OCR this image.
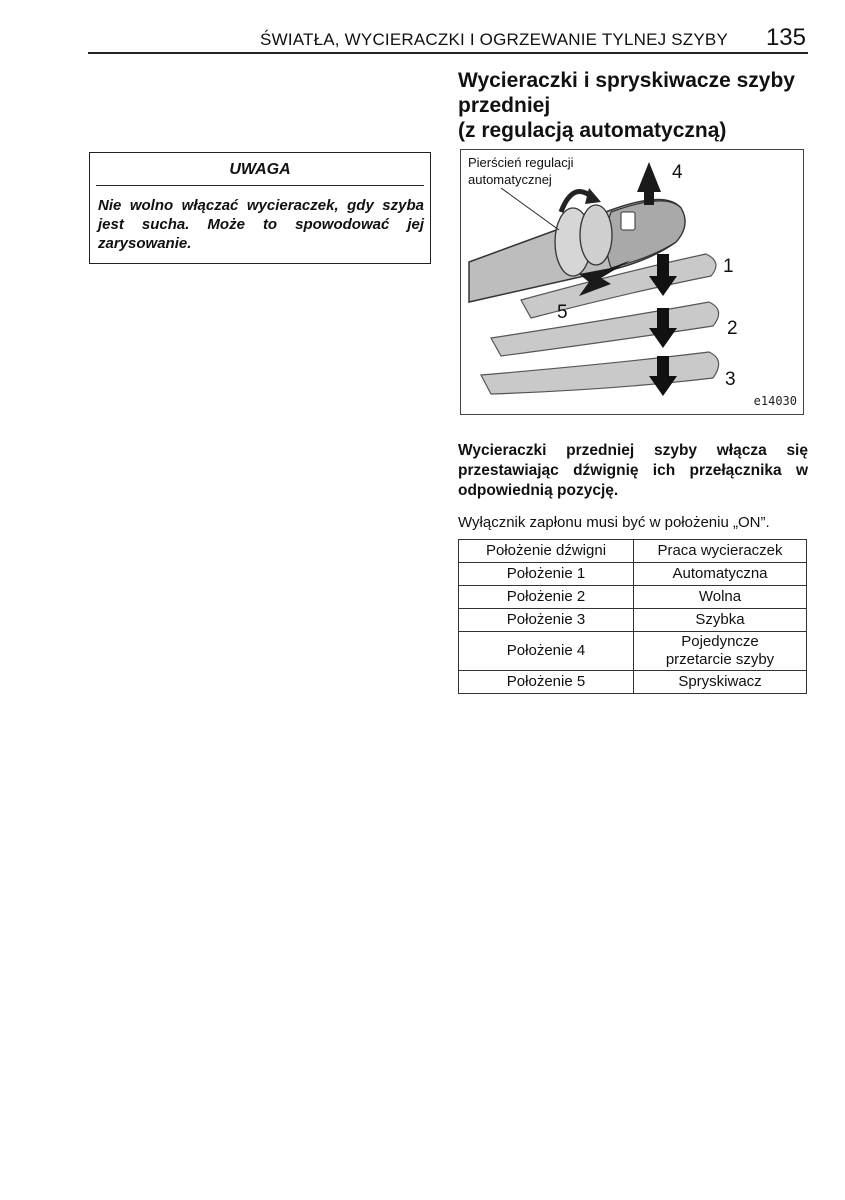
ŚWIATŁA, WYCIERACZKI I OGRZEWANIE TYLNEJ SZYBY 135
Wycieraczki i spryskiwacze szyby
przedniej
(z regulacją automatyczną)
UWAGA
Nie wolno włączać wycieraczek, gdy szyba jest sucha. Może to spowodować jej zarysowanie.
Pierścień regulacji
automatycznej	4
1
2
3
5
e14030

Wycieraczki przedniej szyby włącza się przestawiając dźwignię ich przełącznika w odpowiednią pozycję.

Wyłącznik zapłonu musi być w położeniu „ON”.

Położenie dźwigni	Praca wycieraczek
Położenie 1	Automatyczna
Położenie 2	Wolna
Położenie 3	Szybka
Położenie 4	Pojedyncze
przetarcie szyby
Położenie 5	Spryskiwacz
